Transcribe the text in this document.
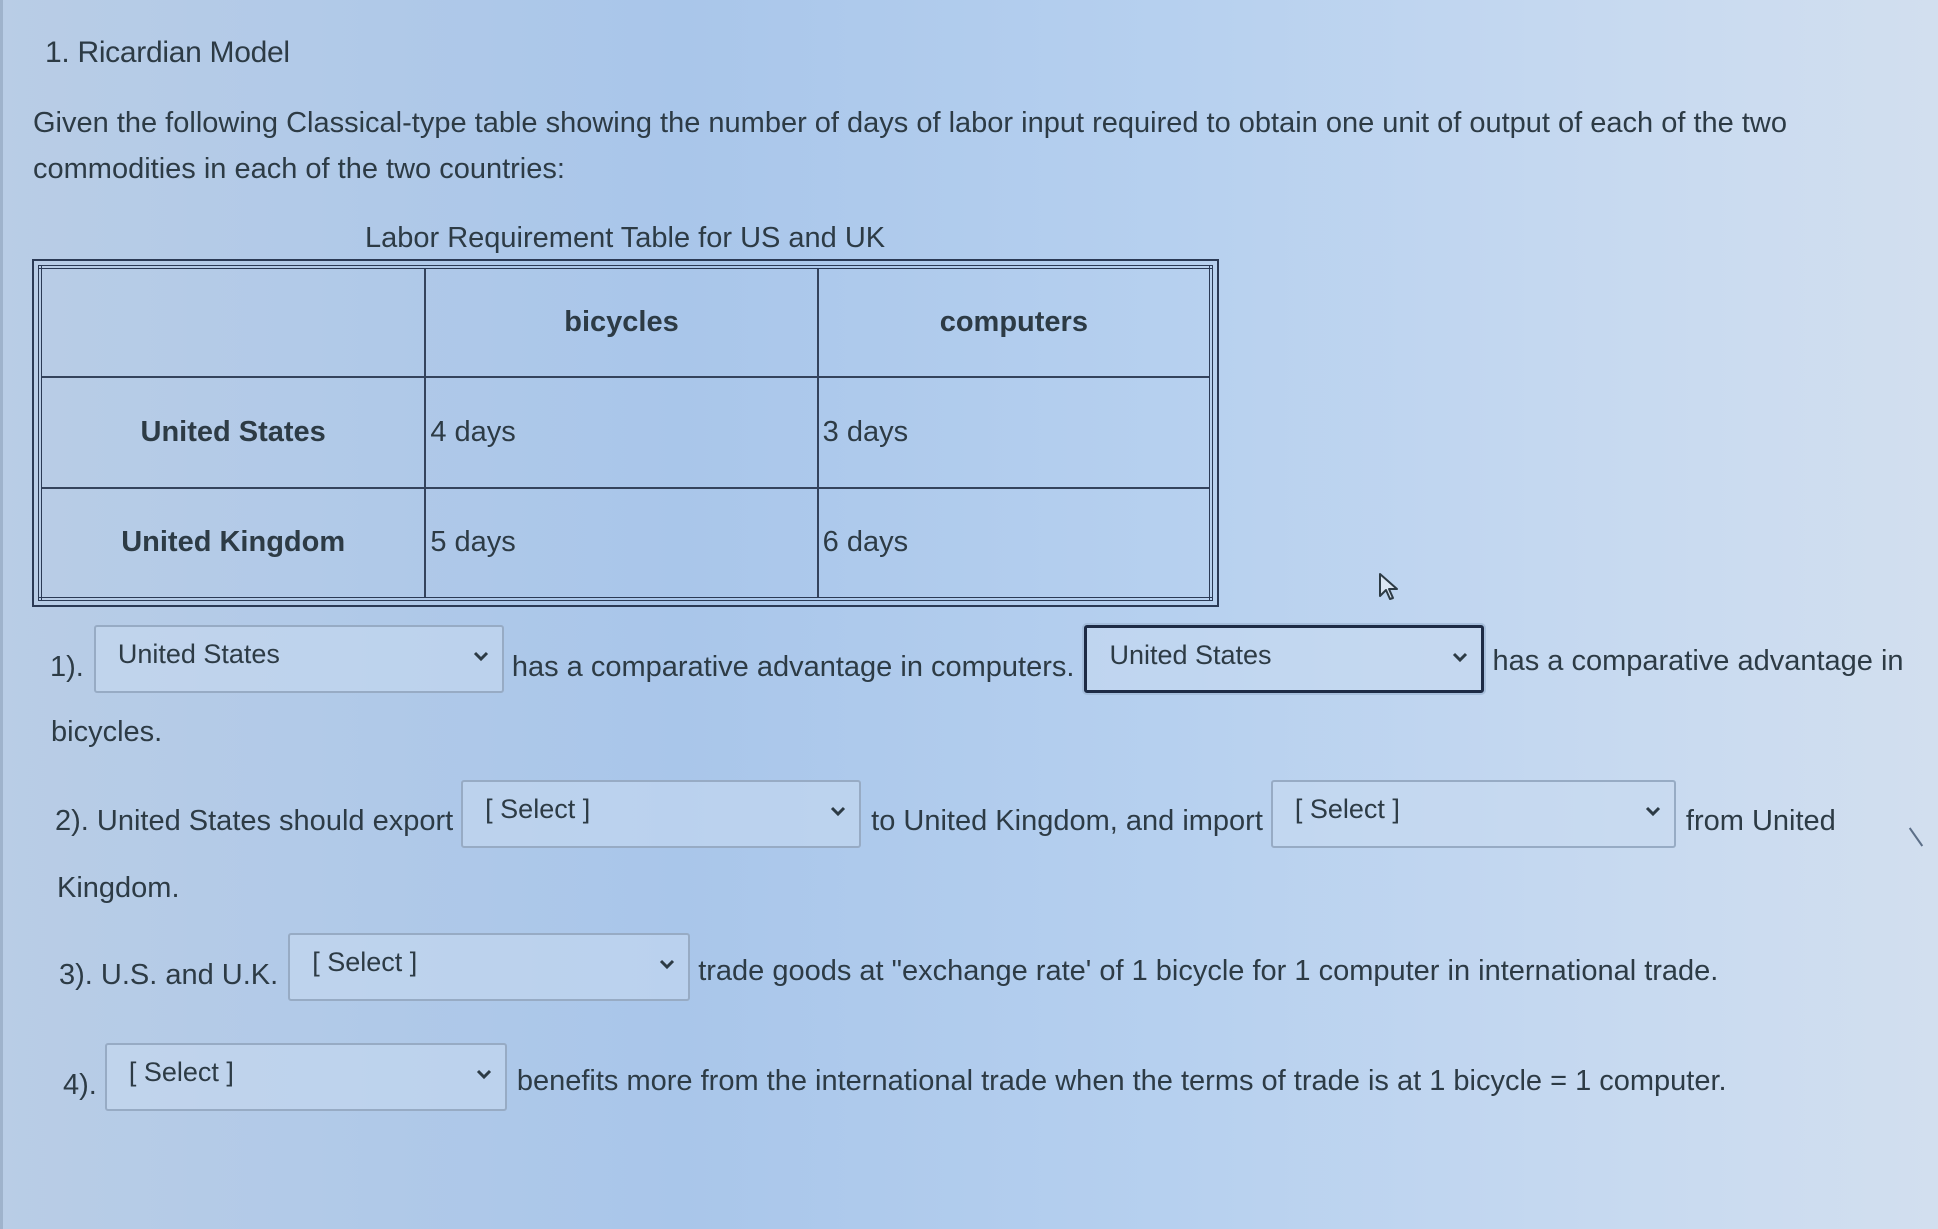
1. Ricardian Model
Given the following Classical-type table showing the number of days of labor input required to obtain one unit of output of each of the two commodities in each of the two countries:
Labor Requirement Table for US and UK
	bicycles	computers
United States	4 days	3 days
United Kingdom	5 days	6 days
1). United States	has a comparative advantage in computers. United States	has a comparative advantage in
bicycles.
2). United States should export [ Select ]	to United Kingdom, and import [ Select ]	from United
Kingdom.
3). U.S. and U.K. [ Select ]	trade goods at "exchange rate' of 1 bicycle for 1 computer in international trade.
4). [ Select ]	benefits more from the international trade when the terms of trade is at 1 bicycle = 1 computer.
